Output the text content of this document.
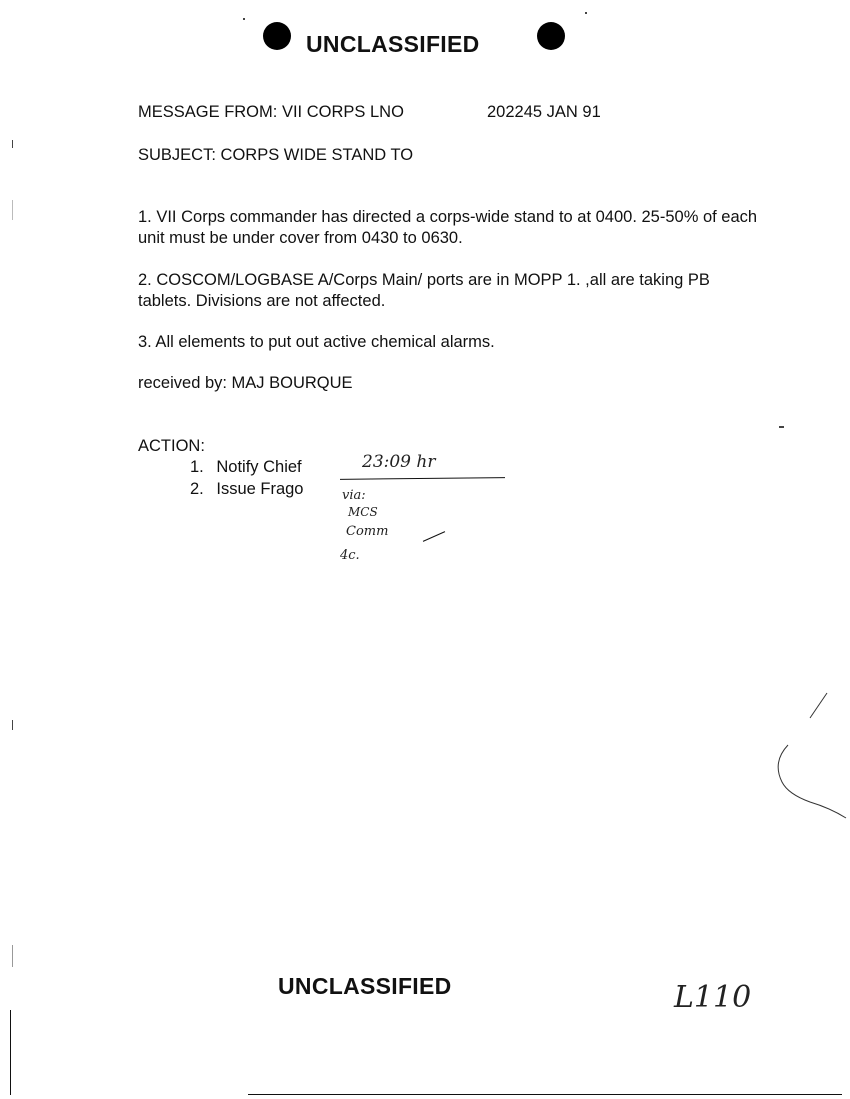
UNCLASSIFIED
MESSAGE FROM: VII CORPS LNO	202245 JAN 91
SUBJECT: CORPS WIDE STAND TO
1. VII Corps commander has directed a corps-wide stand to at 0400. 25-50% of each unit must be under cover from 0430 to 0630.
2. COSCOM/LOGBASE A/Corps Main/ ports are in MOPP 1. ,all are taking PB tablets. Divisions are not affected.
3. All elements to put out active chemical alarms.
received by: MAJ BOURQUE
ACTION:
1. Notify Chief
2. Issue Frago
23:09 hr
via:
MCS
Comm
4c.
UNCLASSIFIED	L110
